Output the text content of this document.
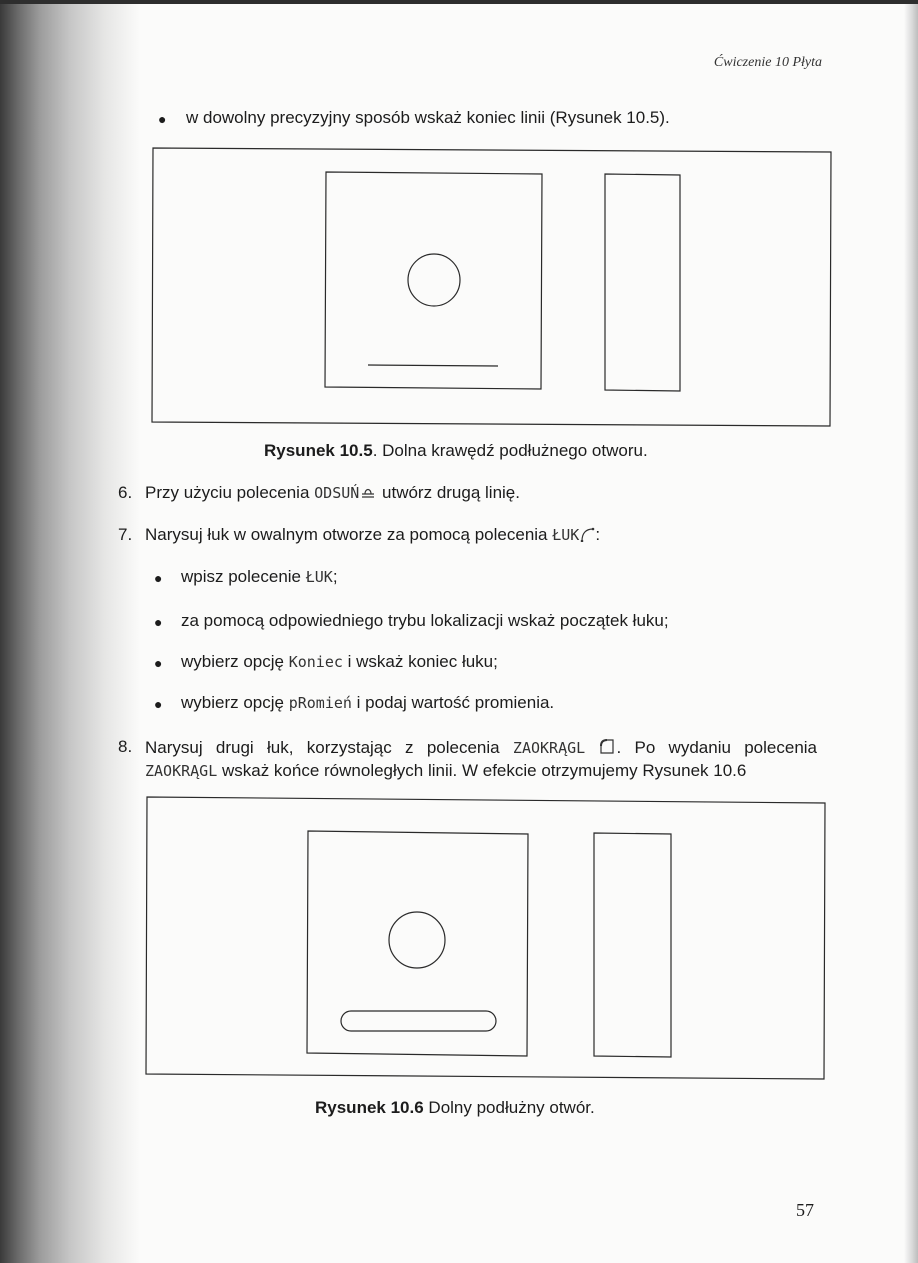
Ćwiczenie 10 Płyta
● w dowolny precyzyjny sposób wskaż koniec linii (Rysunek 10.5).
Rysunek 10.5. Dolna krawędź podłużnego otworu.
6. Przy użyciu polecenia ODSUŃ utwórz drugą linię.
7. Narysuj łuk w owalnym otworze za pomocą polecenia ŁUK :
● wpisz polecenie ŁUK;
● za pomocą odpowiedniego trybu lokalizacji wskaż początek łuku;
● wybierz opcję Koniec i wskaż koniec łuku;
● wybierz opcję pRomień i podaj wartość promienia.
8. Narysuj drugi łuk, korzystając z polecenia ZAOKRĄGL . Po wydaniu polecenia
ZAOKRĄGL wskaż końce równoległych linii. W efekcie otrzymujemy Rysunek 10.6
Rysunek 10.6 Dolny podłużny otwór.
57
